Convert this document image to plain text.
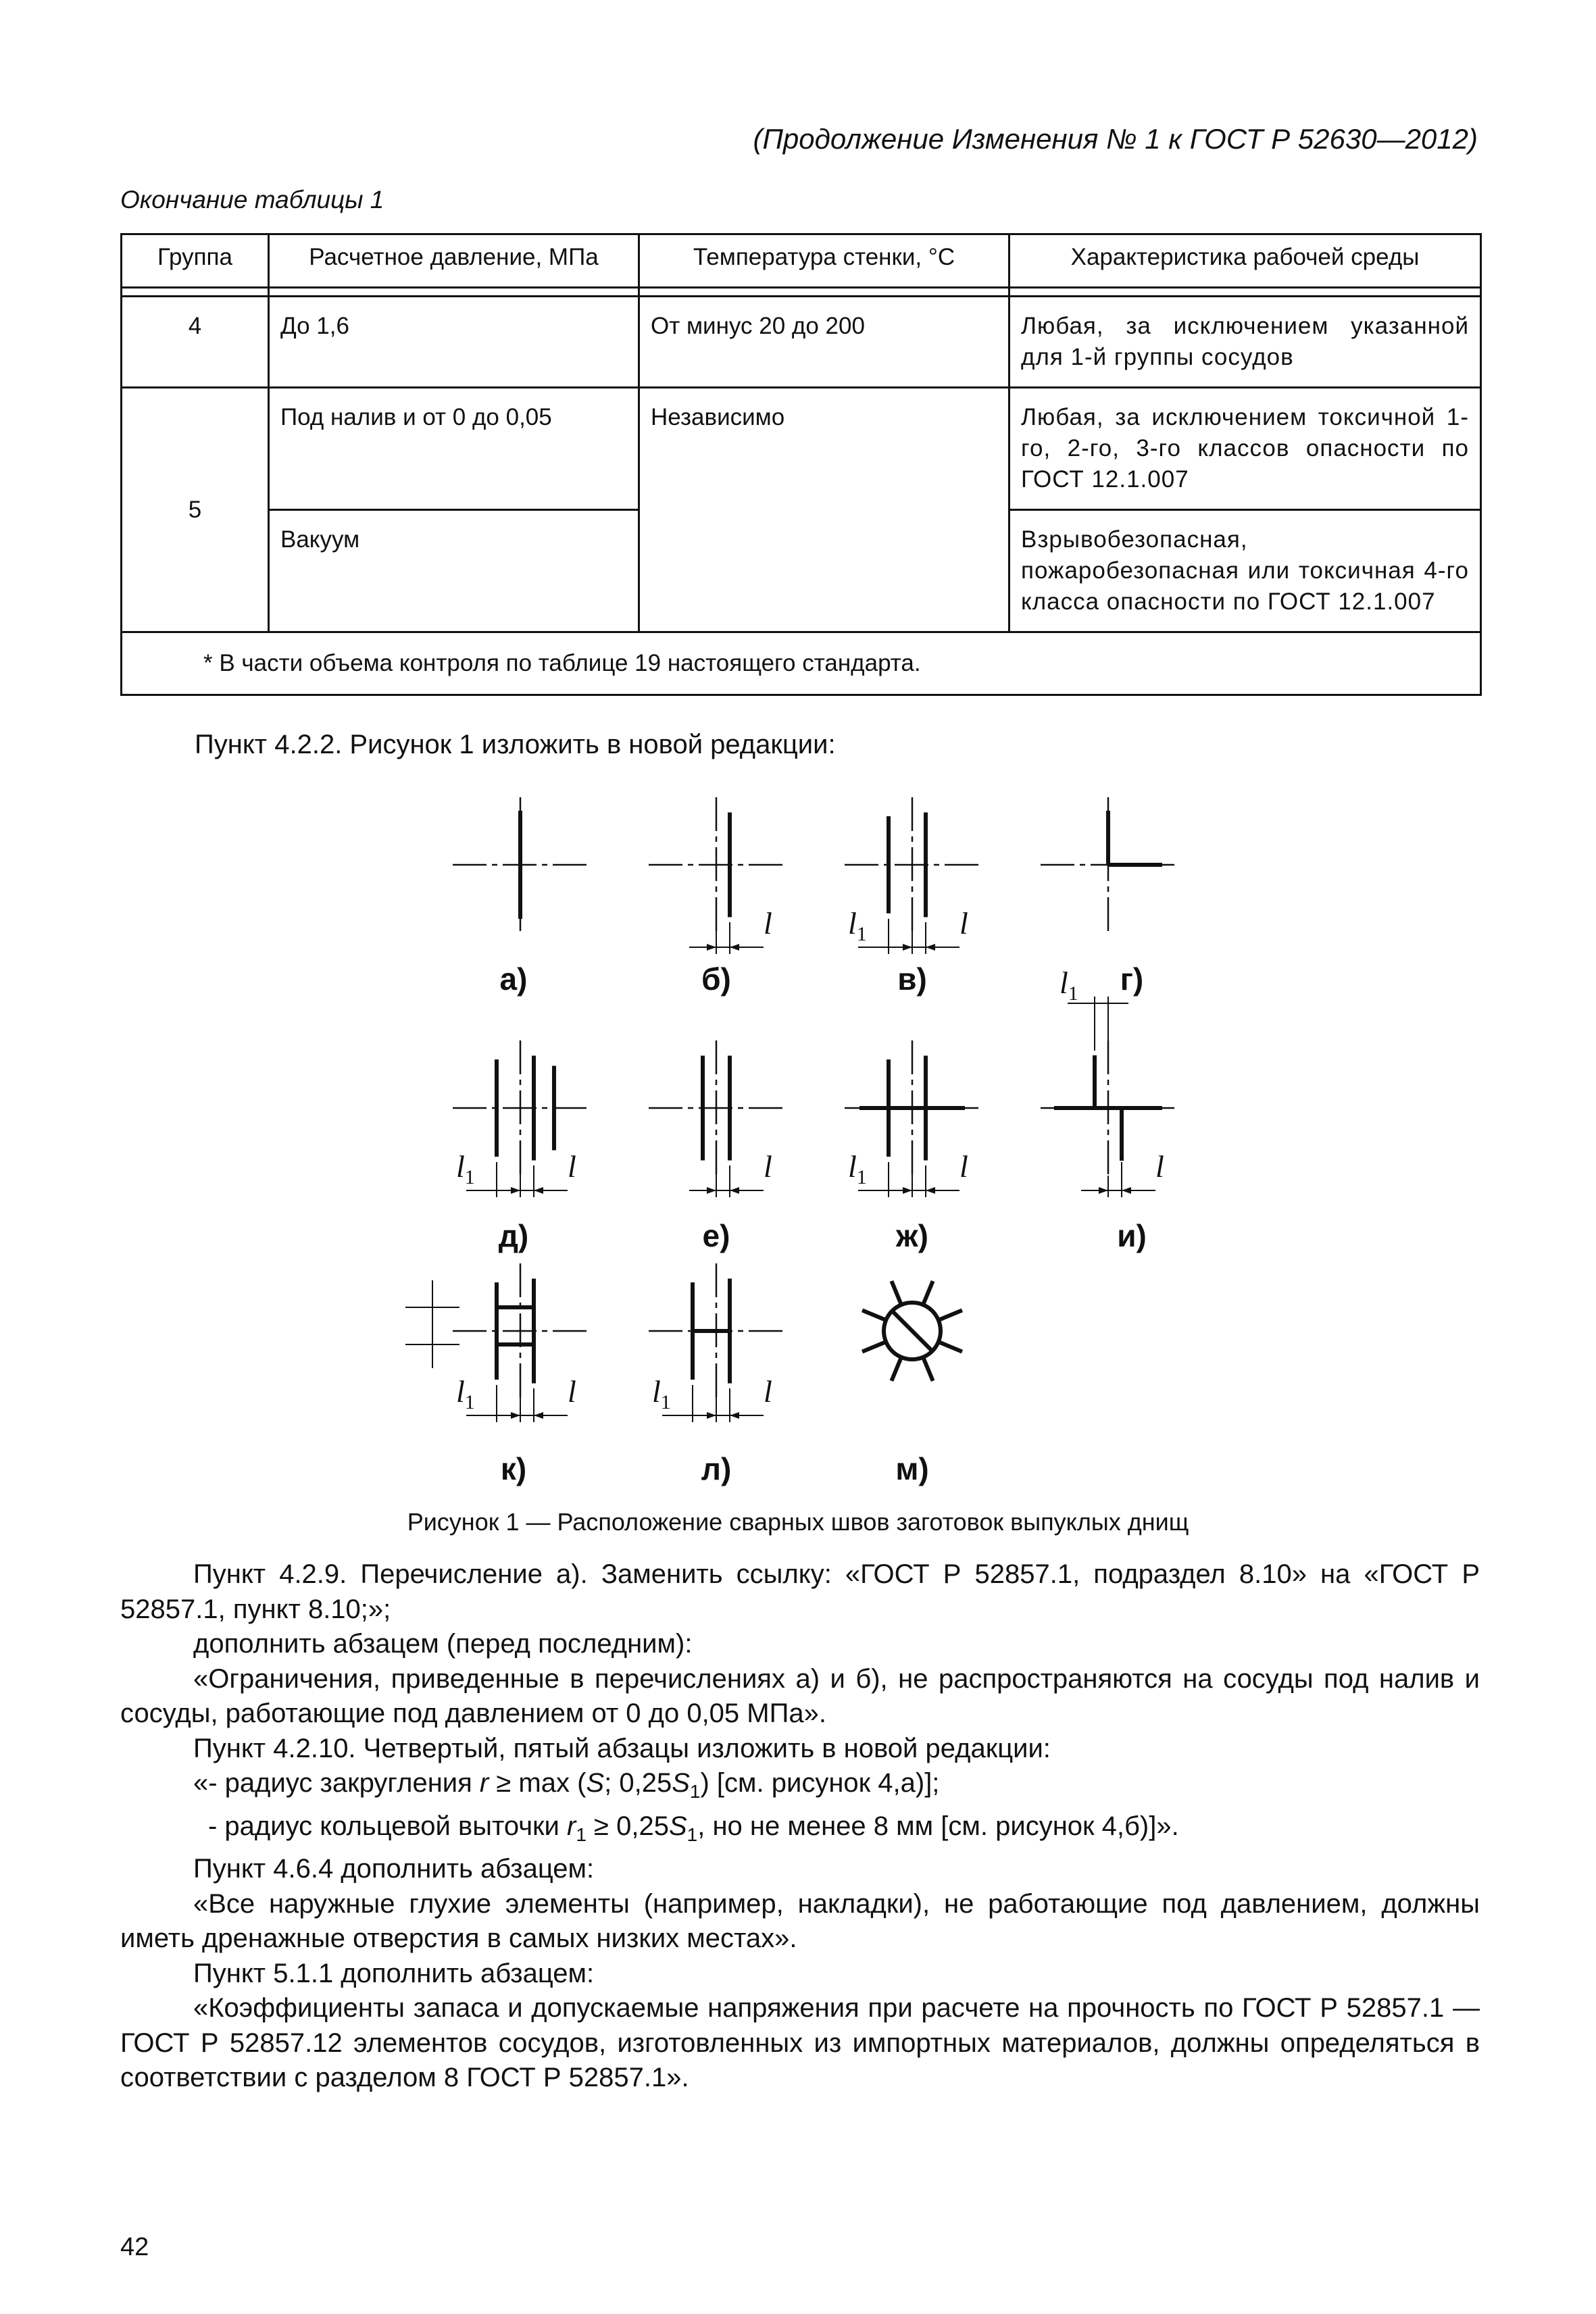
(Продолжение Изменения № 1 к ГОСТ Р 52630—2012)
Окончание таблицы 1
Группа	Расчетное давление, МПа	Температура стенки, °С	Характеристика рабочей среды

4	До 1,6	От минус 20 до 200	Любая, за исключением указанной для 1-й группы сосудов
5	Под налив и от 0 до 0,05	Независимо	Любая, за исключением токсичной 1-го, 2-го, 3-го классов опасности по ГОСТ 12.1.007
	Вакуум		Взрывобезопасная, пожаробезопасная или токсичная 4-го класса опасности по ГОСТ 12.1.007
* В части объема контроля по таблице 19 настоящего стандарта.			
Пункт 4.2.2. Рисунок 1 изложить в новой редакции:
а)
l
б)
$l_1$	l
в)	г)
$l_1$	l
д)
l
е)
$l_1$	l
ж)
$l_1$
l
и)
$l_1$	l
к)
$l_1$	l
л)	м)
Рисунок 1 — Расположение сварных швов заготовок выпуклых днищ

Пункт 4.2.9. Перечисление а). Заменить ссылку: «ГОСТ Р 52857.1, подраздел 8.10» на «ГОСТ Р 52857.1, пункт 8.10;»;

дополнить абзацем (перед последним):

«Ограничения, приведенные в перечислениях а) и б), не распространяются на сосуды под налив и сосуды, работающие под давлением от 0 до 0,05 МПа».

Пункт 4.2.10. Четвертый, пятый абзацы изложить в новой редакции:

«- радиус закругления r ≥ max (S; $0,25S_1$) [см. рисунок 4,а)];

- радиус кольцевой выточки $r_1 \ge 0,25S_1$, но не менее 8 мм [см. рисунок 4,б)]».

Пункт 4.6.4 дополнить абзацем:

«Все наружные глухие элементы (например, накладки), не работающие под давлением, должны иметь дренажные отверстия в самых низких местах».

Пункт 5.1.1 дополнить абзацем:

«Коэффициенты запаса и допускаемые напряжения при расчете на прочность по ГОСТ Р 52857.1 — ГОСТ Р 52857.12 элементов сосудов, изготовленных из импортных материалов, должны определяться в соответствии с разделом 8 ГОСТ Р 52857.1».

42
